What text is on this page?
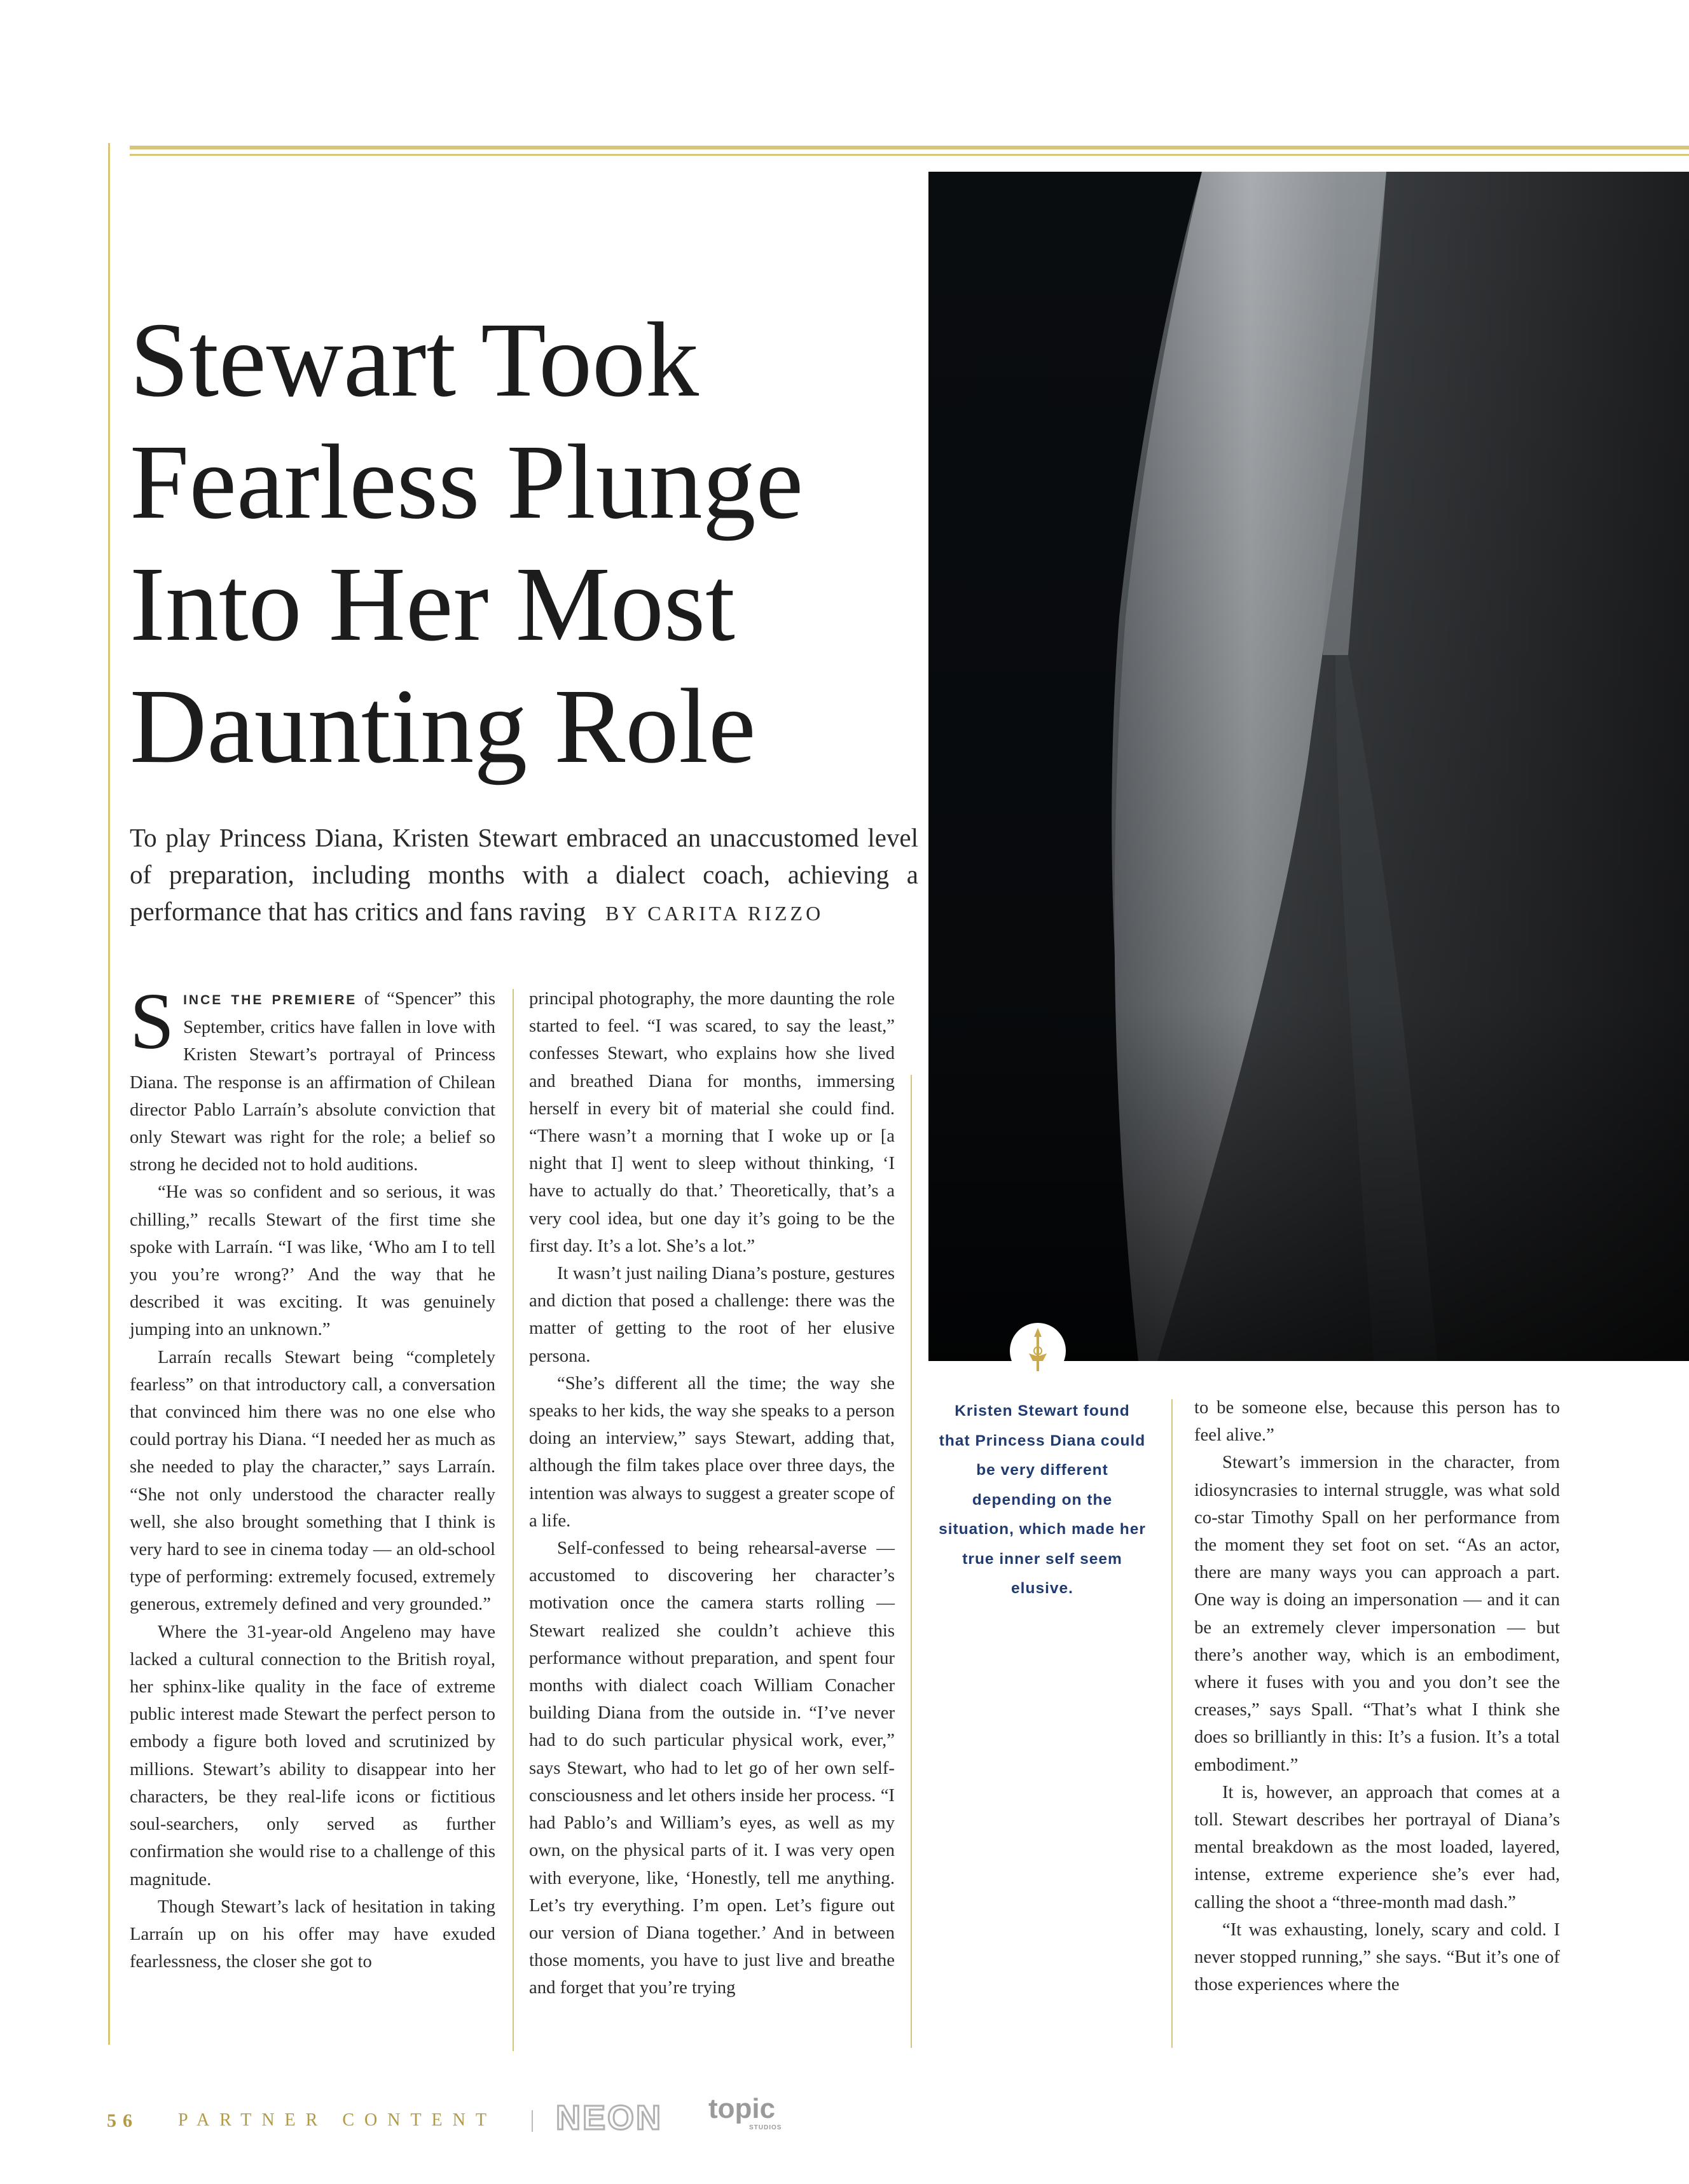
Stewart Took Fearless Plunge Into Her Most Daunting Role
To play Princess Diana, Kristen Stewart embraced an unaccustomed level of preparation, including months with a dialect coach, achieving a performance that has critics and fans raving BY CARITA RIZZO

SINCE THE PREMIERE of “Spencer” this September, critics have fallen in love with Kristen Stewart’s portrayal of Princess Diana. The response is an affirmation of Chilean director Pablo Larraín’s absolute conviction that only Stewart was right for the role; a belief so strong he decided not to hold auditions.

“He was so confident and so serious, it was chilling,” recalls Stewart of the first time she spoke with Larraín. “I was like, ‘Who am I to tell you you’re wrong?’ And the way that he described it was exciting. It was genuinely jumping into an unknown.”

Larraín recalls Stewart being “completely fearless” on that introductory call, a conversation that convinced him there was no one else who could portray his Diana. “I needed her as much as she needed to play the character,” says Larraín. “She not only understood the character really well, she also brought something that I think is very hard to see in cinema today — an old-school type of performing: extremely focused, extremely generous, extremely defined and very grounded.”

Where the 31-year-old Angeleno may have lacked a cultural connection to the British royal, her sphinx-like quality in the face of extreme public interest made Stewart the perfect person to embody a figure both loved and scrutinized by millions. Stewart’s ability to disappear into her characters, be they real-life icons or fictitious soul-searchers, only served as further confirmation she would rise to a challenge of this magnitude.

Though Stewart’s lack of hesitation in taking Larraín up on his offer may have exuded fearlessness, the closer she got to

principal photography, the more daunting the role started to feel. “I was scared, to say the least,” confesses Stewart, who explains how she lived and breathed Diana for months, immersing herself in every bit of material she could find. “There wasn’t a morning that I woke up or [a night that I] went to sleep without thinking, ‘I have to actually do that.’ Theoretically, that’s a very cool idea, but one day it’s going to be the first day. It’s a lot. She’s a lot.”

It wasn’t just nailing Diana’s posture, gestures and diction that posed a challenge: there was the matter of getting to the root of her elusive persona.

“She’s different all the time; the way she speaks to her kids, the way she speaks to a person doing an interview,” says Stewart, adding that, although the film takes place over three days, the intention was always to suggest a greater scope of a life.

Self-confessed to being rehearsal-averse — accustomed to discovering her character’s motivation once the camera starts rolling — Stewart realized she couldn’t achieve this performance without preparation, and spent four months with dialect coach William Conacher building Diana from the outside in. “I’ve never had to do such particular physical work, ever,” says Stewart, who had to let go of her own self-consciousness and let others inside her process. “I had Pablo’s and William’s eyes, as well as my own, on the physical parts of it. I was very open with everyone, like, ‘Honestly, tell me anything. Let’s try everything. I’m open. Let’s figure out our version of Diana together.’ And in between those moments, you have to just live and breathe and forget that you’re trying

Kristen Stewart found that Princess Diana could be very different depending on the situation, which made her true inner self seem elusive.

to be someone else, because this person has to feel alive.”

Stewart’s immersion in the character, from idiosyncrasies to internal struggle, was what sold co-star Timothy Spall on her performance from the moment they set foot on set. “As an actor, there are many ways you can approach a part. One way is doing an impersonation — and it can be an extremely clever impersonation — but there’s another way, which is an embodiment, where it fuses with you and you don’t see the creases,” says Spall. “That’s what I think she does so brilliantly in this: It’s a fusion. It’s a total embodiment.”

It is, however, an approach that comes at a toll. Stewart describes her portrayal of Diana’s mental breakdown as the most loaded, layered, intense, extreme experience she’s ever had, calling the shoot a “three-month mad dash.”

“It was exhausting, lonely, scary and cold. I never stopped running,” she says. “But it’s one of those experiences where the

56 PARTNER CONTENT NEON topic
STUDIOS
